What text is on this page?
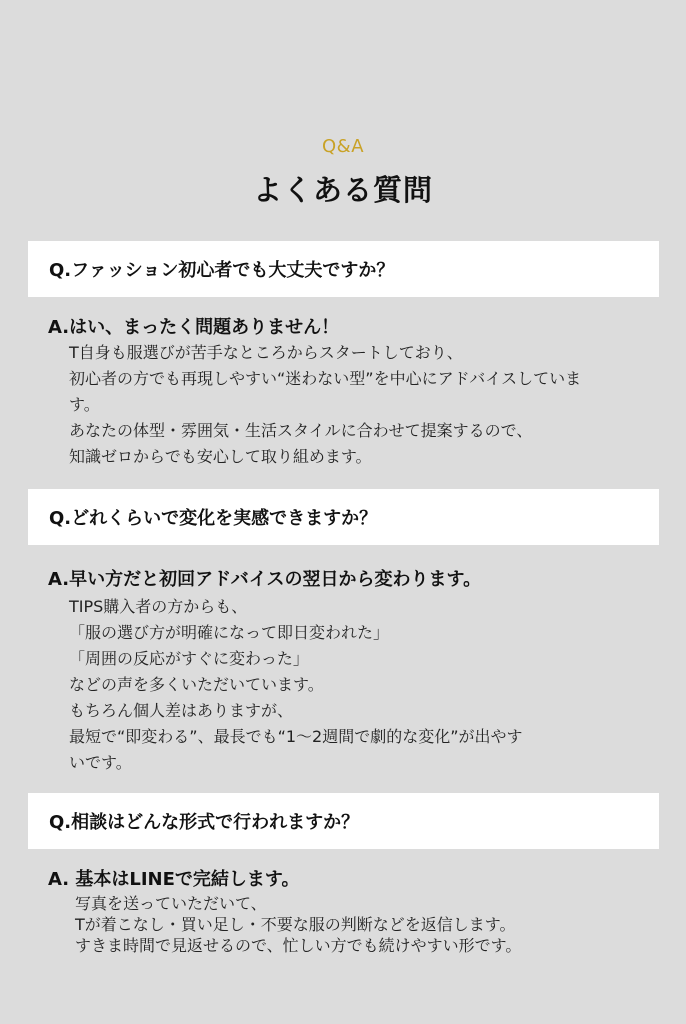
Q&A
よくある質問
Q.ファッション初心者でも大丈夫ですか？
A.はい、まったく問題ありません！
T自身も服選びが苦手なところからスタートしており、
初心者の方でも再現しやすい“迷わない型”を中心にアドバイスしていま
す。
あなたの体型・雰囲気・生活スタイルに合わせて提案するので、
知識ゼロからでも安心して取り組めます。
Q.どれくらいで変化を実感できますか？
A.早い方だと初回アドバイスの翌日から変わります。
TIPS購入者の方からも、
「服の選び方が明確になって即日変われた」
「周囲の反応がすぐに変わった」
などの声を多くいただいています。
もちろん個人差はありますが、
最短で“即変わる”、最長でも“1〜2週間で劇的な変化”が出やす
いです。
Q.相談はどんな形式で行われますか？
A. 基本はLINEで完結します。
写真を送っていただいて、
Tが着こなし・買い足し・不要な服の判断などを返信します。
すきま時間で見返せるので、忙しい方でも続けやすい形です。
